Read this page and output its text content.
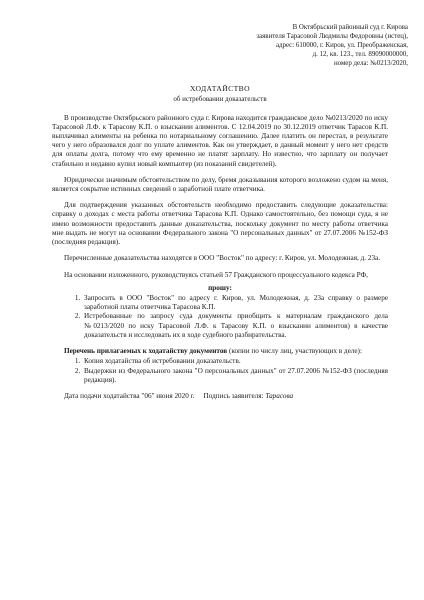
В Октябрьский районный суд г. Кирова
заявителя Тарасовой Людмилы Федоровны (истец),
адрес: 610000, г. Киров, ул. Преображенская,
д. 12, кв. 123., тел. 89090000000,
номер дела: №0213/2020,
ХОДАТАЙСТВО
об истребовании доказательств

В производстве Октябрьского районного суда г. Кирова находится гражданское дело №0213/2020 по иску Тарасовой Л.Ф. к Тарасову К.П. о взыскании алиментов. С 12.04.2019 по 30.12.2019 ответчик Тарасов К.П. выплачивал алименты на ребенка по нотариальному соглашению. Далее платить он перестал, в результате чего у него образовался долг по уплате алиментов. Как он утверждает, в данный момент у него нет средств для оплаты долга, потому что ему временно не платят зарплату. Но известно, что зарплату он получает стабильно и недавно купил новый компьютер (из показаний свидетелей).

Юридически значимым обстоятельством по делу, бремя доказывания которого возложено судом на меня, является сокрытие истинных сведений о заработной плате ответчика.

Для подтверждения указанных обстоятельств необходимо предоставить следующие доказательства: справку о доходах с места работы ответчика Тарасова К.П. Однако самостоятельно, без помощи суда, я не имею возможности предоставить данные доказательства, поскольку документ по месту работы ответчика мне выдать не могут на основании Федерального закона "О персональных данных" от 27.07.2006 №152-ФЗ (последняя редакция).

Перечисленные доказательства находятся в ООО "Восток" по адресу: г. Киров, ул. Молодежная, д. 23а.

На основании изложенного, руководствуясь статьей 57 Гражданского процессуального кодекса РФ,

прошу:
1. Запросить в ООО "Восток" по адресу г. Киров, ул. Молодежная, д. 23а справку о размере заработной платы ответчика Тарасова К.П.
2. Истребованные по запросу суда документы приобщить к материалам гражданского дела №0213/2020 по иску Тарасовой Л.Ф. к Тарасову К.П. о взыскании алиментов) в качестве доказательств и исследовать их в ходе судебного разбирательства.

Перечень прилагаемых к ходатайству документов (копии по числу лиц, участвующих в деле):

1. Копия ходатайства об истребовании доказательств.
2. Выдержки из Федерального закона "О персональных данных" от 27.07.2006 №152-ФЗ (последняя редакция).

Дата подачи ходатайства "06" июня 2020 г. Подпись заявителя: Тарасова
